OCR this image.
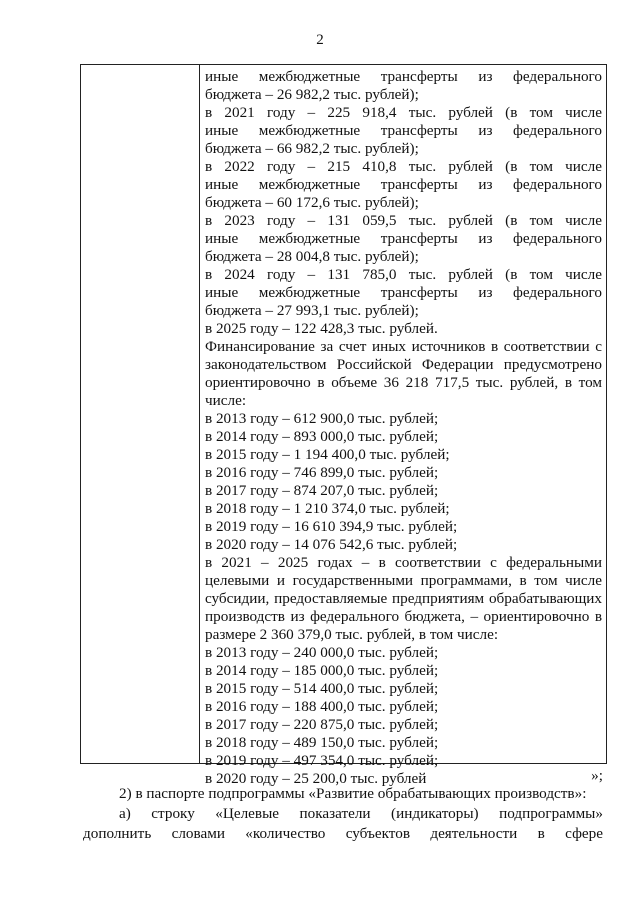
2
иные межбюджетные трансферты из федерального
бюджета – 26 982,2 тыс. рублей);
в 2021 году – 225 918,4 тыс. рублей (в том числе
иные межбюджетные трансферты из федерального
бюджета – 66 982,2 тыс. рублей);
в 2022 году – 215 410,8 тыс. рублей (в том числе
иные межбюджетные трансферты из федерального
бюджета – 60 172,6 тыс. рублей);
в 2023 году – 131 059,5 тыс. рублей (в том числе
иные межбюджетные трансферты из федерального
бюджета – 28 004,8 тыс. рублей);
в 2024 году – 131 785,0 тыс. рублей (в том числе
иные межбюджетные трансферты из федерального
бюджета – 27 993,1 тыс. рублей);
в 2025 году – 122 428,3 тыс. рублей.
Финансирование за счет иных источников в соответствии с
законодательством Российской Федерации предусмотрено
ориентировочно в объеме 36 218 717,5 тыс. рублей, в том
числе:
в 2013 году – 612 900,0 тыс. рублей;
в 2014 году – 893 000,0 тыс. рублей;
в 2015 году – 1 194 400,0 тыс. рублей;
в 2016 году – 746 899,0 тыс. рублей;
в 2017 году – 874 207,0 тыс. рублей;
в 2018 году – 1 210 374,0 тыс. рублей;
в 2019 году – 16 610 394,9 тыс. рублей;
в 2020 году – 14 076 542,6 тыс. рублей;
в 2021 – 2025 годах – в соответствии с федеральными
целевыми и государственными программами, в том числе
субсидии, предоставляемые предприятиям обрабатывающих
производств из федерального бюджета, – ориентировочно в
размере 2 360 379,0 тыс. рублей, в том числе:
в 2013 году – 240 000,0 тыс. рублей;
в 2014 году – 185 000,0 тыс. рублей;
в 2015 году – 514 400,0 тыс. рублей;
в 2016 году – 188 400,0 тыс. рублей;
в 2017 году – 220 875,0 тыс. рублей;
в 2018 году – 489 150,0 тыс. рублей;
в 2019 году – 497 354,0 тыс. рублей;
в 2020 году – 25 200,0 тыс. рублей	»;
2) в паспорте подпрограммы «Развитие обрабатывающих производств»:
а) строку «Целевые показатели (индикаторы) подпрограммы»
дополнить словами «количество субъектов деятельности в сфере
